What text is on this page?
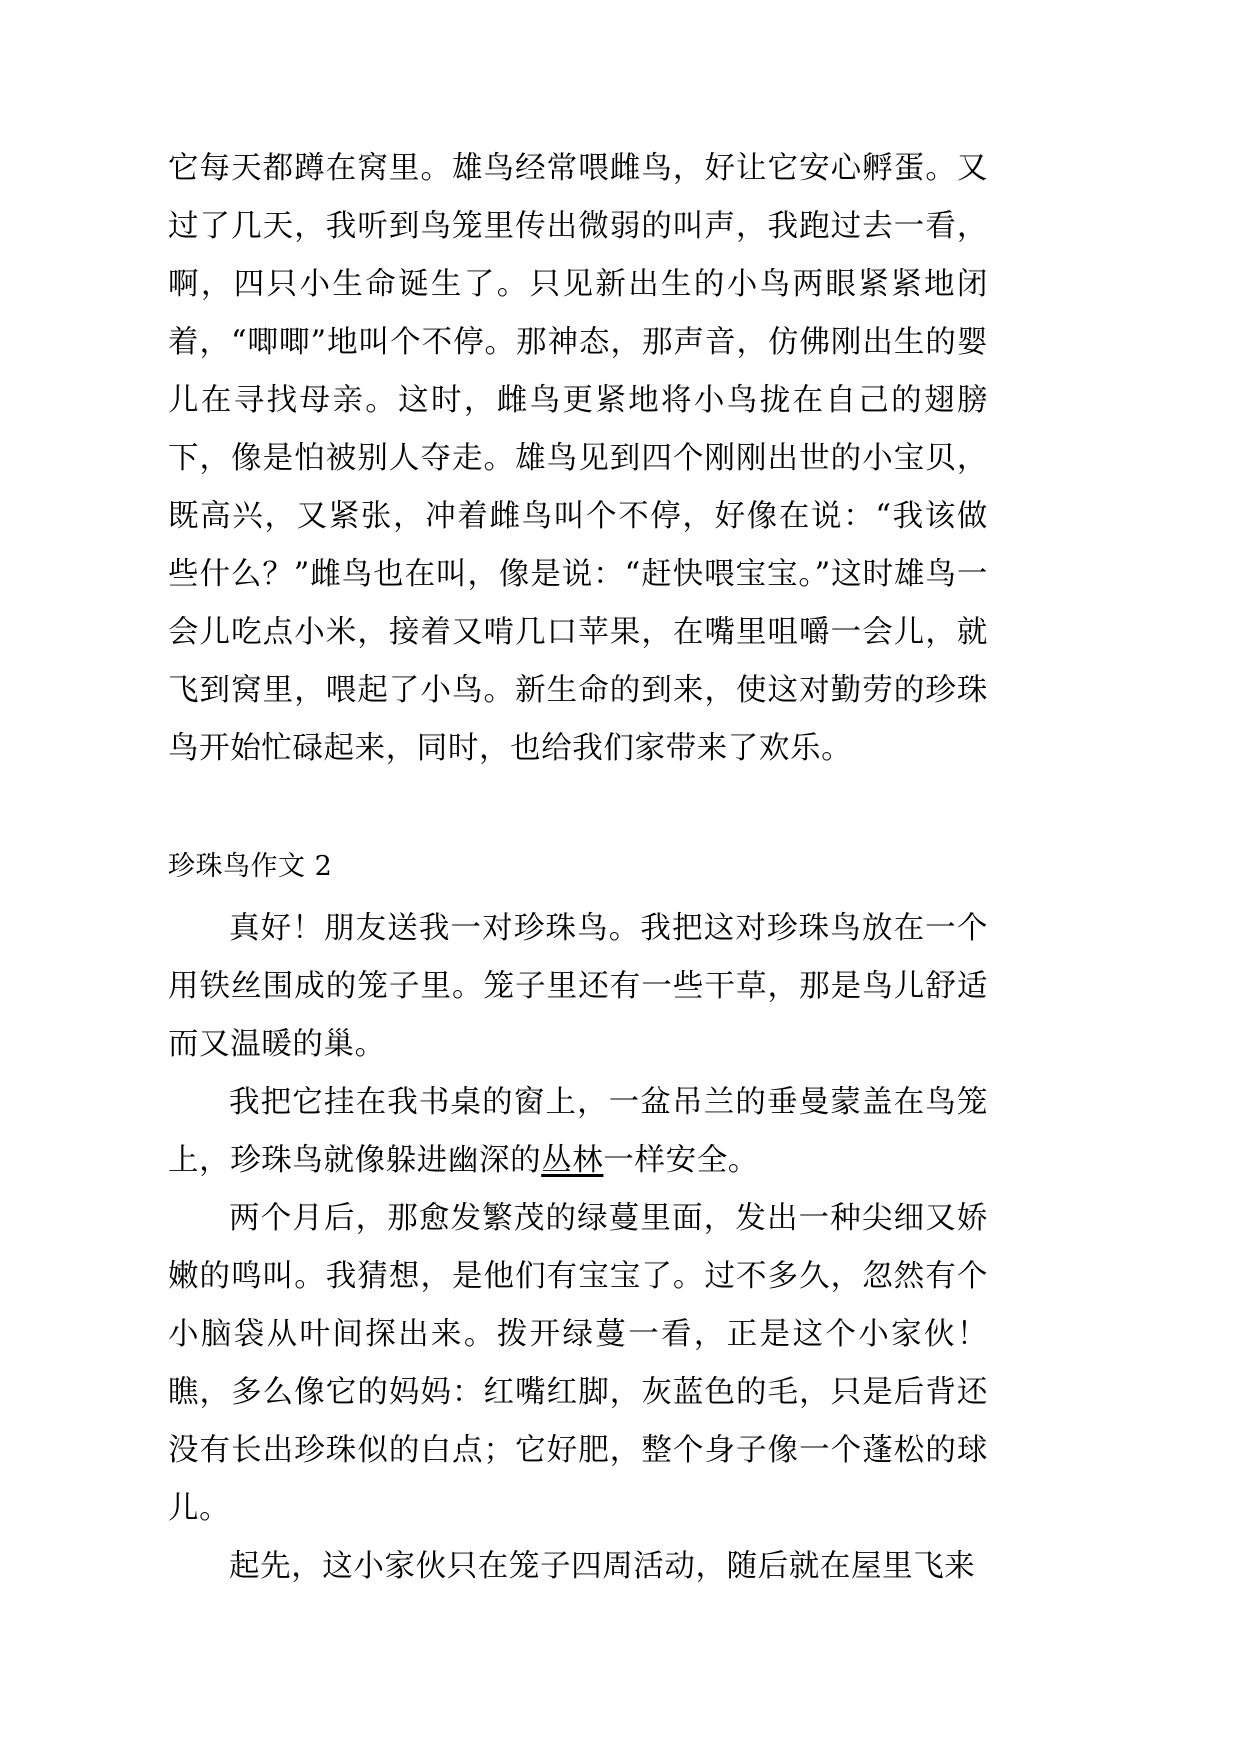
它每天都蹲在窝里。雄鸟经常喂雌鸟，好让它安心孵蛋。又过了几天，我听到鸟笼里传出微弱的叫声，我跑过去一看，啊，四只小生命诞生了。只见新出生的小鸟两眼紧紧地闭着，“唧唧”地叫个不停。那神态，那声音，仿佛刚出生的婴儿在寻找母亲。这时，雌鸟更紧地将小鸟拢在自己的翅膀下，像是怕被别人夺走。雄鸟见到四个刚刚出世的小宝贝，既高兴，又紧张，冲着雌鸟叫个不停，好像在说：“我该做些什么？”雌鸟也在叫，像是说：“赶快喂宝宝。”这时雄鸟一会儿吃点小米，接着又啃几口苹果，在嘴里咀嚼一会儿，就飞到窝里，喂起了小鸟。新生命的到来，使这对勤劳的珍珠鸟开始忙碌起来，同时，也给我们家带来了欢乐。

珍珠鸟作文 2

真好！朋友送我一对珍珠鸟。我把这对珍珠鸟放在一个用铁丝围成的笼子里。笼子里还有一些干草，那是鸟儿舒适而又温暖的巢。

我把它挂在我书桌的窗上，一盆吊兰的垂曼蒙盖在鸟笼上，珍珠鸟就像躲进幽深的丛林一样安全。

两个月后，那愈发繁茂的绿蔓里面，发出一种尖细又娇嫩的鸣叫。我猜想，是他们有宝宝了。过不多久，忽然有个小脑袋从叶间探出来。拨开绿蔓一看，正是这个小家伙！瞧，多么像它的妈妈：红嘴红脚，灰蓝色的毛，只是后背还没有长出珍珠似的白点；它好肥，整个身子像一个蓬松的球儿。

起先，这小家伙只在笼子四周活动，随后就在屋里飞来
